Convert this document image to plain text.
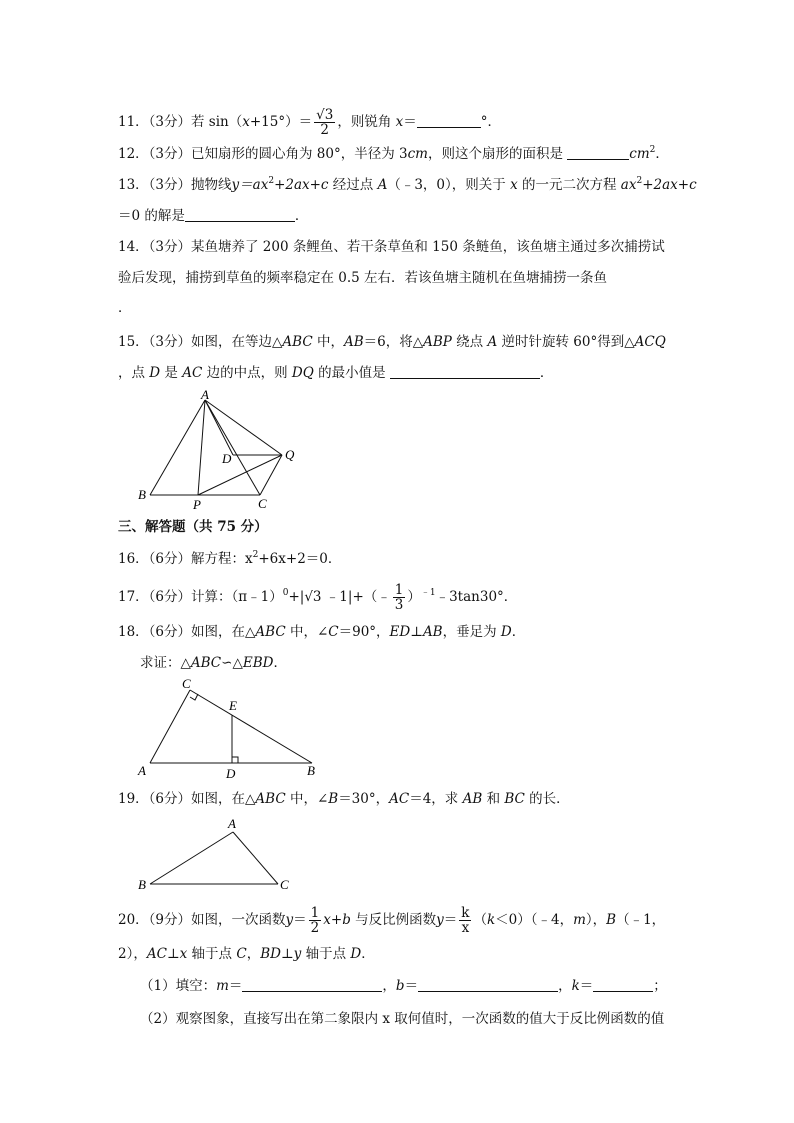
11．（3分）若 $\sin(x+15^\circ)= \frac{√3}{2}$ ，则锐角 x＝	°．
12．（3分）已知扇形的圆心角为 80°，半径为 3cm，则这个扇形的面积是	$cm^2$．
13．（3分）抛物线$y=ax^2+2ax+c$ 经过点 A（﹣3，0），则关于 x 的一元二次方程 $ax^2+2ax+c$
＝0 的解是	．
14．（3分）某鱼塘养了 200 条鲤鱼、若干条草鱼和 150 条鲢鱼，该鱼塘主通过多次捕捞试
验后发现，捕捞到草鱼的频率稳定在 0.5 左右．若该鱼塘主随机在鱼塘捕捞一条鱼
．
15．（3分）如图，在等边△ABC 中，AB＝6，将△ABP 绕点 A 逆时针旋转 60°得到△ACQ
，点 D 是 AC 边的中点，则 DQ 的最小值是	．
A
B
C
D
P
Q
三、解答题（共 75 分）
16．（6分）解方程：$x^2+6x+2=0$．
17．（6分）计算：（π﹣1）$^0$+|√3 ﹣1|+（﹣ $\frac{1}{3}$ ）$^{﹣1}$﹣3tan30°．
18．（6分）如图，在△ABC 中，∠C＝90°，ED⊥AB，垂足为 D．
求证：△ABC∽△EBD．
A	B
C
D
E
19．（6分）如图，在△ABC 中，∠B＝30°，AC＝4，求 AB 和 BC 的长．
A
B	C
20．（9分）如图，一次函数$y= \frac{1}{2} x+b$ 与反比例函数$y= \frac{k}{x}$ （k＜0）（﹣4，m），B（﹣1，
2），AC⊥x 轴于点 C，BD⊥y 轴于点 D．
（1）填空：m＝	，b＝	，k＝	；
（2）观察图象，直接写出在第二象限内 x 取何值时，一次函数的值大于反比例函数的值
